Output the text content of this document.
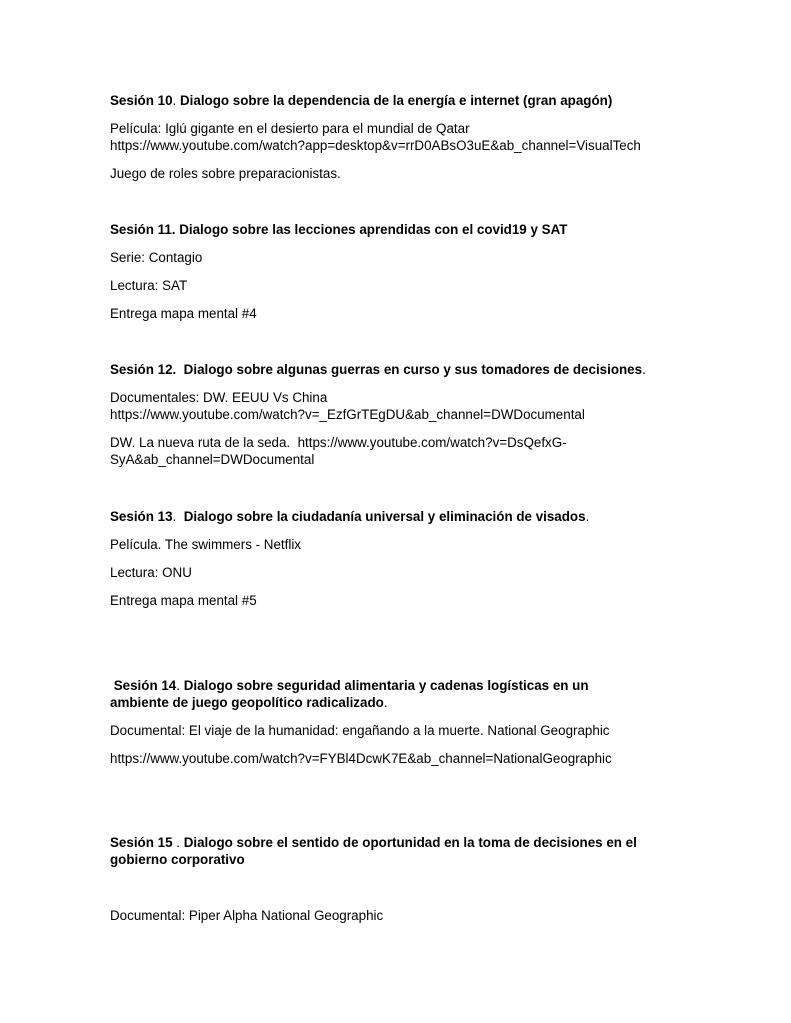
Sesión 10. Dialogo sobre la dependencia de la energía e internet (gran apagón)
Película: Iglú gigante en el desierto para el mundial de Qatar
https://www.youtube.com/watch?app=desktop&v=rrD0ABsO3uE&ab_channel=VisualTech
Juego de roles sobre preparacionistas.
Sesión 11. Dialogo sobre las lecciones aprendidas con el covid19 y SAT
Serie: Contagio
Lectura: SAT
Entrega mapa mental #4
Sesión 12.  Dialogo sobre algunas guerras en curso y sus tomadores de decisiones.
Documentales: DW. EEUU Vs China
https://www.youtube.com/watch?v=_EzfGrTEgDU&ab_channel=DWDocumental
DW. La nueva ruta de la seda.  https://www.youtube.com/watch?v=DsQefxG-
SyA&ab_channel=DWDocumental
Sesión 13.  Dialogo sobre la ciudadanía universal y eliminación de visados.
Película. The swimmers - Netflix
Lectura: ONU
Entrega mapa mental #5
Sesión 14. Dialogo sobre seguridad alimentaria y cadenas logísticas en un
ambiente de juego geopolítico radicalizado.
Documental: El viaje de la humanidad: engañando a la muerte. National Geographic
https://www.youtube.com/watch?v=FYBl4DcwK7E&ab_channel=NationalGeographic
Sesión 15 . Dialogo sobre el sentido de oportunidad en la toma de decisiones en el
gobierno corporativo
Documental: Piper Alpha National Geographic
